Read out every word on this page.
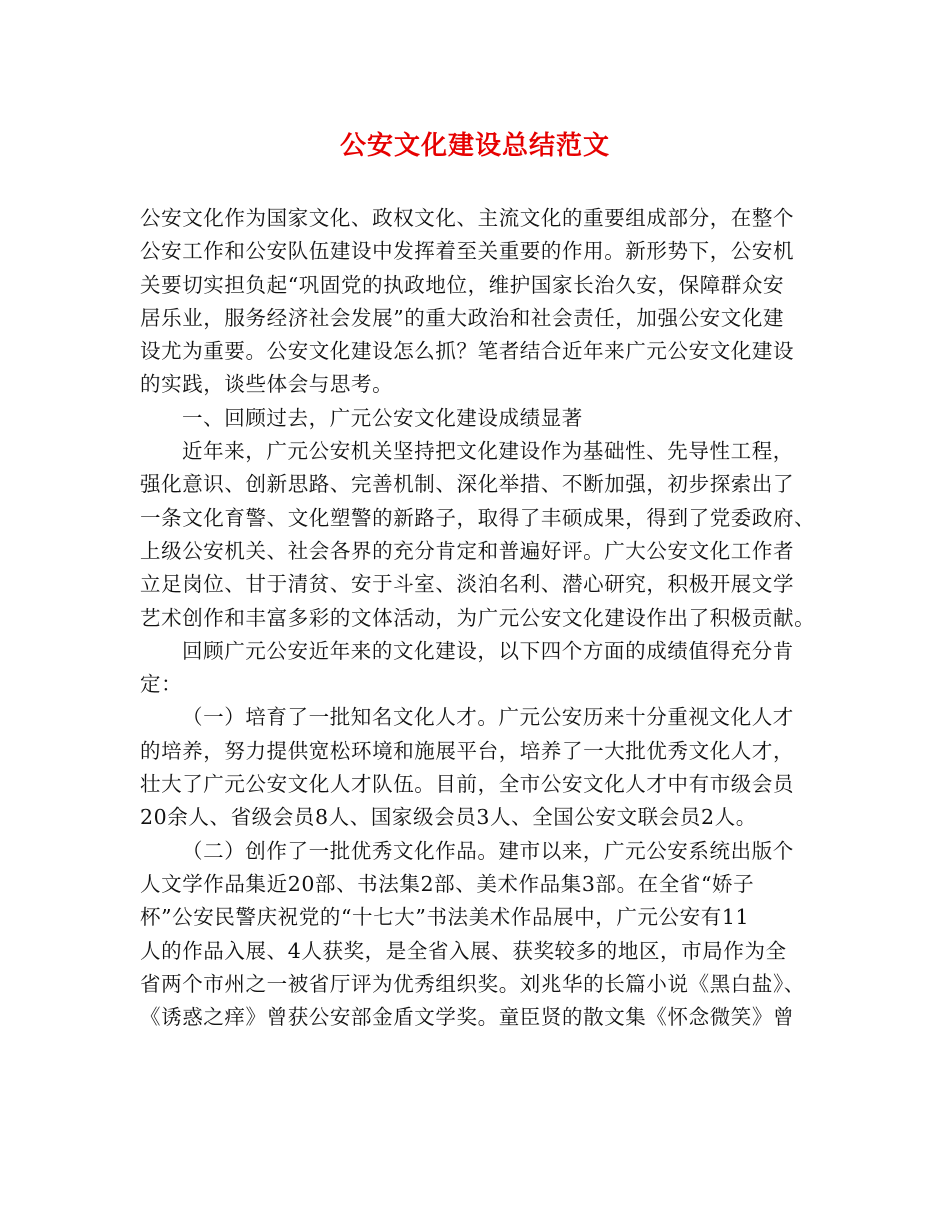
公安文化建设总结范文
公安文化作为国家文化、政权文化、主流文化的重要组成部分，在整个
公安工作和公安队伍建设中发挥着至关重要的作用。新形势下，公安机
关要切实担负起“巩固党的执政地位，维护国家长治久安，保障群众安
居乐业，服务经济社会发展”的重大政治和社会责任，加强公安文化建
设尤为重要。公安文化建设怎么抓？笔者结合近年来广元公安文化建设
的实践，谈些体会与思考。
一、回顾过去，广元公安文化建设成绩显著
近年来，广元公安机关坚持把文化建设作为基础性、先导性工程，
强化意识、创新思路、完善机制、深化举措、不断加强，初步探索出了
一条文化育警、文化塑警的新路子，取得了丰硕成果，得到了党委政府、
上级公安机关、社会各界的充分肯定和普遍好评。广大公安文化工作者
立足岗位、甘于清贫、安于斗室、淡泊名利、潜心研究，积极开展文学
艺术创作和丰富多彩的文体活动，为广元公安文化建设作出了积极贡献。
回顾广元公安近年来的文化建设，以下四个方面的成绩值得充分肯
定：
（一）培育了一批知名文化人才。广元公安历来十分重视文化人才
的培养，努力提供宽松环境和施展平台，培养了一大批优秀文化人才，
壮大了广元公安文化人才队伍。目前，全市公安文化人才中有市级会员
20余人、省级会员8人、国家级会员3人、全国公安文联会员2人。
（二）创作了一批优秀文化作品。建市以来，广元公安系统出版个
人文学作品集近20部、书法集2部、美术作品集3部。在全省“娇子
杯”公安民警庆祝党的“十七大”书法美术作品展中，广元公安有11
人的作品入展、4人获奖，是全省入展、获奖较多的地区，市局作为全
省两个市州之一被省厅评为优秀组织奖。刘兆华的长篇小说《黑白盐》、
《诱惑之痒》曾获公安部金盾文学奖。童臣贤的散文集《怀念微笑》曾
